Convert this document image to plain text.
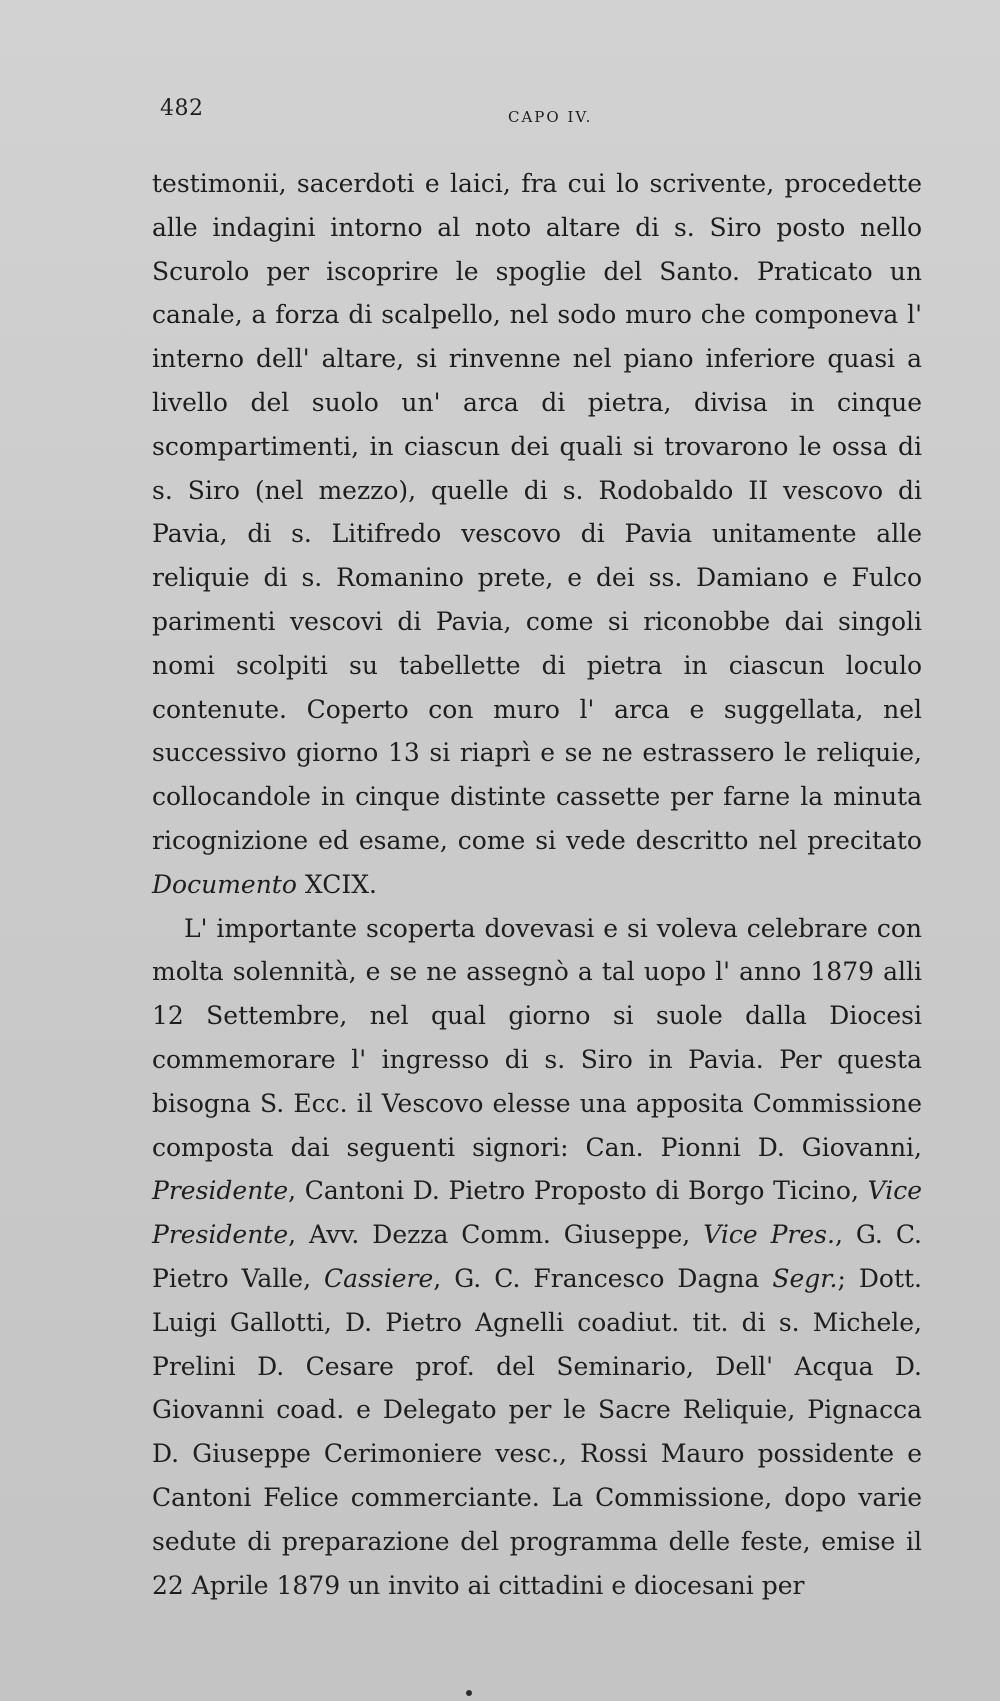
482	CAPO IV.

testimonii, sacerdoti e laici, fra cui lo scrivente, procedette alle indagini intorno al noto altare di s. Siro posto nello Scurolo per iscoprire le spoglie del Santo. Praticato un canale, a forza di scalpello, nel sodo muro che componeva l' interno dell' altare, si rinvenne nel piano inferiore quasi a livello del suolo un' arca di pietra, divisa in cinque scompartimenti, in ciascun dei quali si trovarono le ossa di s. Siro (nel mezzo), quelle di s. Rodobaldo II vescovo di Pavia, di s. Litifredo vescovo di Pavia unitamente alle reliquie di s. Romanino prete, e dei ss. Damiano e Fulco parimenti vescovi di Pavia, come si riconobbe dai singoli nomi scolpiti su tabellette di pietra in ciascun loculo contenute. Coperto con muro l' arca e suggellata, nel successivo giorno 13 si riaprì e se ne estrassero le reliquie, collocandole in cinque distinte cassette per farne la minuta ricognizione ed esame, come si vede descritto nel precitato Documento XCIX.

L' importante scoperta dovevasi e si voleva celebrare con molta solennità, e se ne assegnò a tal uopo l' anno 1879 alli 12 Settembre, nel qual giorno si suole dalla Diocesi commemorare l' ingresso di s. Siro in Pavia. Per questa bisogna S. Ecc. il Vescovo elesse una apposita Commissione composta dai seguenti signori: Can. Pionni D. Giovanni, Presidente, Cantoni D. Pietro Proposto di Borgo Ticino, Vice Presidente, Avv. Dezza Comm. Giuseppe, Vice Pres., G. C. Pietro Valle, Cassiere, G. C. Francesco Dagna Segr.; Dott. Luigi Gallotti, D. Pietro Agnelli coadiut. tit. di s. Michele, Prelini D. Cesare prof. del Seminario, Dell' Acqua D. Giovanni coad. e Delegato per le Sacre Reliquie, Pignacca D. Giuseppe Cerimoniere vesc., Rossi Mauro possidente e Cantoni Felice commerciante. La Commissione, dopo varie sedute di preparazione del programma delle feste, emise il 22 Aprile 1879 un invito ai cittadini e diocesani per
